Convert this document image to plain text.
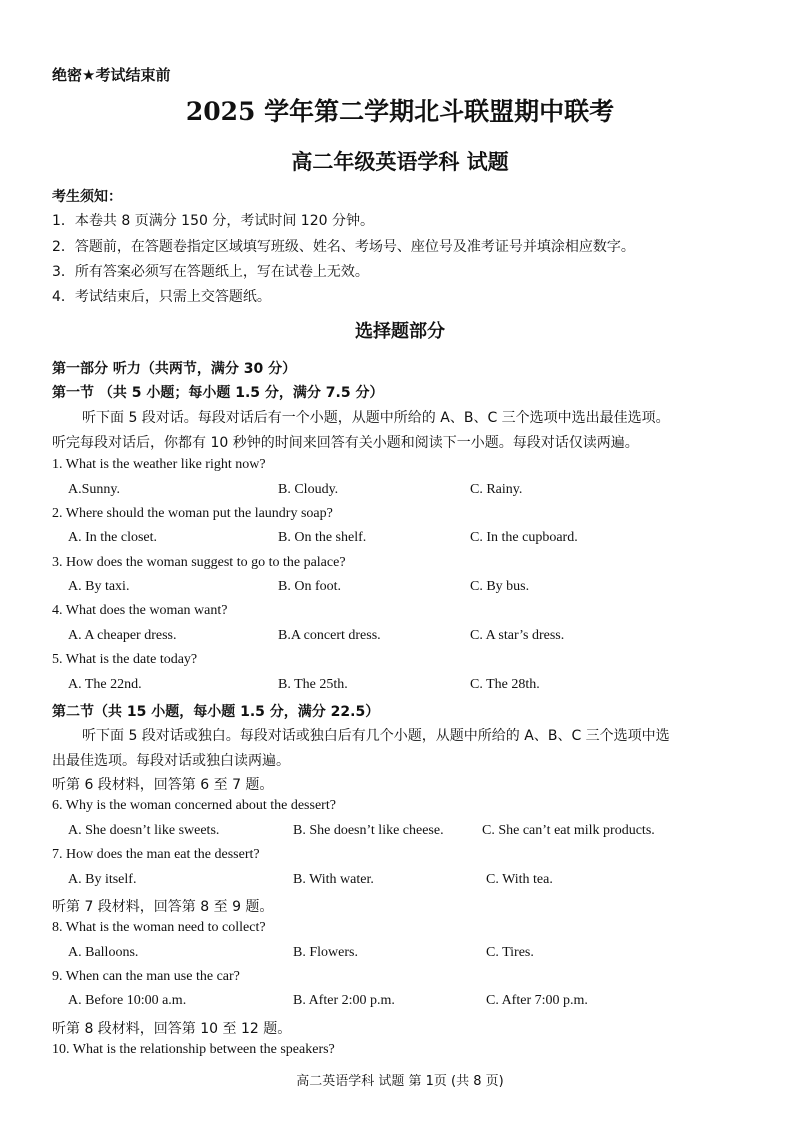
绝密★考试结束前
2025 学年第二学期北斗联盟期中联考
高二年级英语学科 试题
考生须知：
1．本卷共 8 页满分 150 分，考试时间 120 分钟。
2．答题前，在答题卷指定区域填写班级、姓名、考场号、座位号及准考证号并填涂相应数字。
3．所有答案必须写在答题纸上，写在试卷上无效。
4．考试结束后，只需上交答题纸。
选择题部分
第一部分 听力（共两节，满分 30 分）
第一节 （共 5 小题；每小题 1.5 分，满分 7.5 分）
听下面 5 段对话。每段对话后有一个小题，从题中所给的 A、B、C 三个选项中选出最佳选项。
听完每段对话后，你都有 10 秒钟的时间来回答有关小题和阅读下一小题。每段对话仅读两遍。
1. What is the weather like right now?
A.Sunny.	B. Cloudy.	C. Rainy.
2. Where should the woman put the laundry soap?
A. In the closet.	B. On the shelf.	C. In the cupboard.
3. How does the woman suggest to go to the palace?
A. By taxi.	B. On foot.	C. By bus.
4. What does the woman want?
A. A cheaper dress.	B.A concert dress.	C. A star’s dress.
5. What is the date today?
A. The 22nd.	B. The 25th.	C. The 28th.
第二节（共 15 小题，每小题 1.5 分，满分 22.5）
听下面 5 段对话或独白。每段对话或独白后有几个小题，从题中所给的 A、B、C 三个选项中选
出最佳选项。每段对话或独白读两遍。
听第 6 段材料，回答第 6 至 7 题。
6. Why is the woman concerned about the dessert?
A. She doesn’t like sweets.	B. She doesn’t like cheese.	C. She can’t eat milk products.
7. How does the man eat the dessert?
A. By itself.	B. With water.	C. With tea.
听第 7 段材料，回答第 8 至 9 题。
8. What is the woman need to collect?
A. Balloons.	B. Flowers.	C. Tires.
9. When can the man use the car?
A. Before 10:00 a.m.	B. After 2:00 p.m.	C. After 7:00 p.m.
听第 8 段材料，回答第 10 至 12 题。
10. What is the relationship between the speakers?
高二英语学科 试题 第 1页 (共 8 页)
